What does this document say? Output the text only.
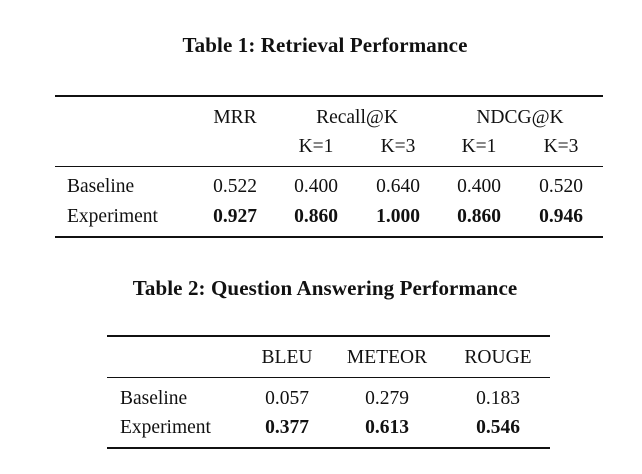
Table 1: Retrieval Performance
MRR	Recall@K	NDCG@K
K=1 K=3 K=1 K=3
Baseline	0.522 0.400 0.640 0.400 0.520
Experiment	0.927 0.860 1.000 0.860 0.946
Table 2: Question Answering Performance
BLEU METEOR ROUGE
Baseline	0.057	0.279	0.183
Experiment	0.377	0.613	0.546
